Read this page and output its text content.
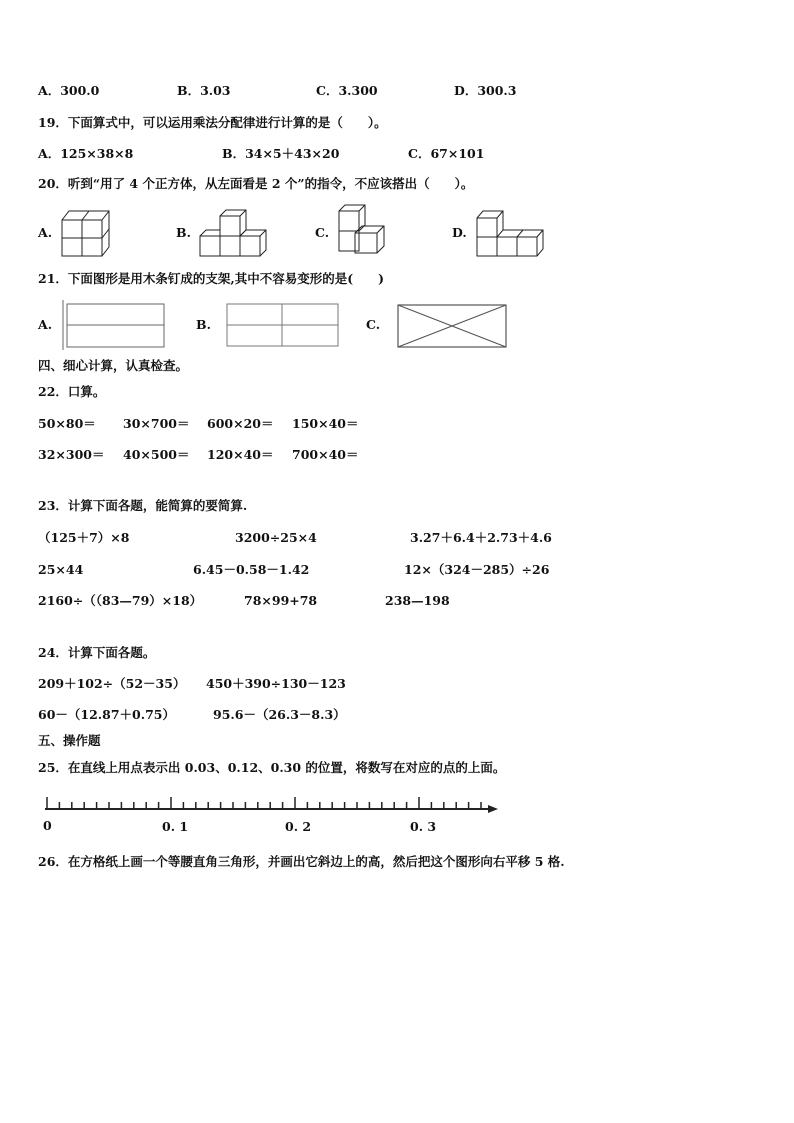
A．300.0	B．3.03	C．3.300	D．300.3
19．下面算式中，可以运用乘法分配律进行计算的是（　　）。
A．125×38×8	B．34×5＋43×20	C．67×101
20．听到“用了 4 个正方体，从左面看是 2 个”的指令，不应该搭出（　　）。
A.	B.	C.	D.
21．下面图形是用木条钉成的支架,其中不容易变形的是(　　)
A.	B.	C.
四、细心计算，认真检查。
22．口算。
50×80＝ 30×700＝ 600×20＝ 150×40＝
32×300＝ 40×500＝ 120×40＝ 700×40＝
23．计算下面各题，能简算的要简算.
（125＋7）×8	3200÷25×4	3.27＋6.4＋2.73＋4.6
25×44	6.45－0.58－1.42	12×（324－285）÷26
2160÷（（83—79）×18）	78×99+78	238—198
24．计算下面各题。
209＋102÷（52－35） 450＋390÷130－123
60－（12.87＋0.75）	95.6－（26.3－8.3）
五、操作题
25．在直线上用点表示出 0.03、0.12、0.30 的位置，将数写在对应的点的上面。
0	0. 1	0. 2	0. 3
26．在方格纸上画一个等腰直角三角形，并画出它斜边上的高，然后把这个图形向右平移 5 格.
